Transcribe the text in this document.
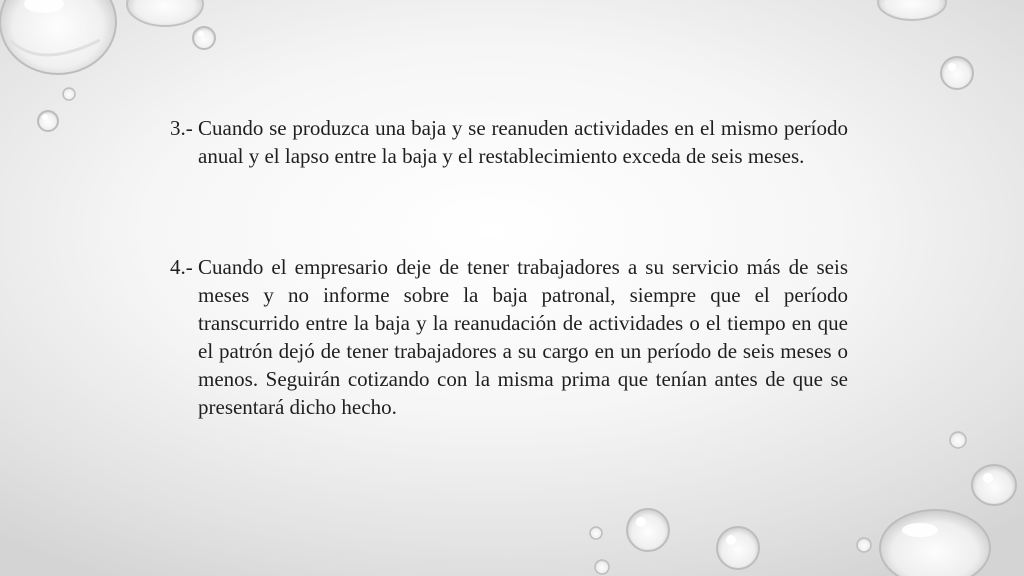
3.- Cuando se produzca una baja y se reanuden actividades en el mismo período anual y el lapso entre la baja y el restablecimiento exceda de seis meses.
4.- Cuando el empresario deje de tener trabajadores a su servicio más de seis meses y no informe sobre la baja patronal, siempre que el período transcurrido entre la baja y la reanudación de actividades o el tiempo en que el patrón dejó de tener trabajadores a su cargo en un período de seis meses o menos. Seguirán cotizando con la misma prima que tenían antes de que se presentará dicho hecho.
